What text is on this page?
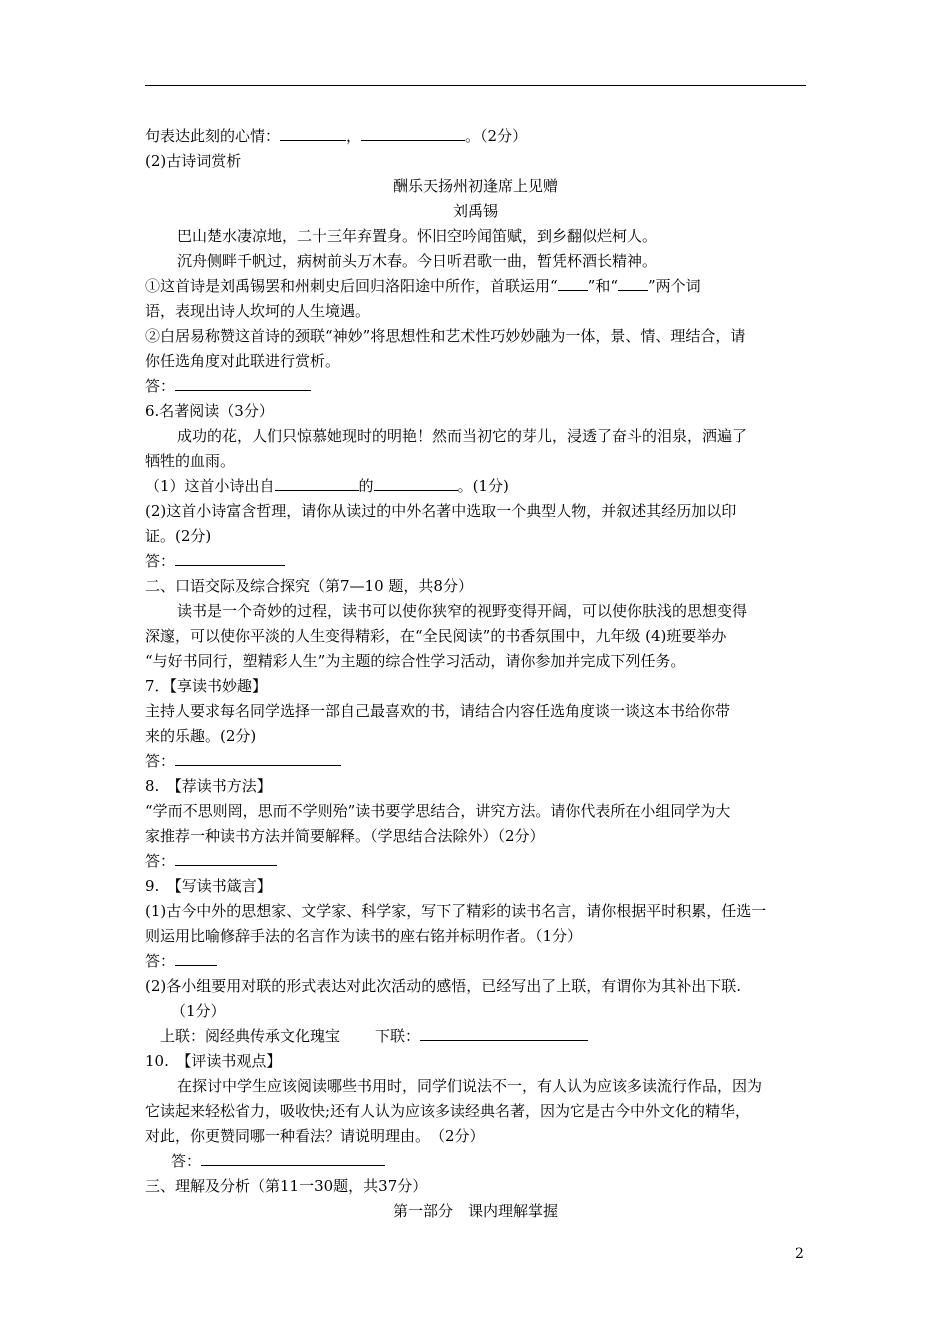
句表达此刻的心情：	，	。（2分）

(2)古诗词赏析

酬乐天扬州初逢席上见赠

刘禹锡

巴山楚水凄凉地，二十三年弃置身。怀旧空吟闻笛赋，到乡翻似烂柯人。

沉舟侧畔千帆过，病树前头万木春。今日听君歌一曲，暂凭杯酒长精神。

①这首诗是刘禹锡罢和州刺史后回归洛阳途中所作，首联运用“ ”和“ ”两个词

语，表现出诗人坎坷的人生境遇。

②白居易称赞这首诗的颈联“神妙”将思想性和艺术性巧妙妙融为一体，景、情、理结合，请

你任选角度对此联进行赏析。

答：

6.名著阅读（3分）

成功的花，人们只惊慕她现时的明艳！然而当初它的芽儿，浸透了奋斗的泪泉，洒遍了

牺牲的血雨。

（1）这首小诗出自	的	。(1分)

(2)这首小诗富含哲理，请你从读过的中外名著中选取一个典型人物，并叙述其经历加以印

证。(2分)

答：

二、口语交际及综合探究（第7—10 题，共8分）

读书是一个奇妙的过程，读书可以使你狭窄的视野变得开阔，可以使你肤浅的思想变得

深邃，可以使你平淡的人生变得精彩，在“全民阅读”的书香氛围中，九年级 (4)班要举办

“与好书同行，塑精彩人生”为主题的综合性学习活动，请你参加并完成下列任务。

7．【享读书妙趣】

主持人要求每名同学选择一部自己最喜欢的书，请结合内容任选角度谈一谈这本书给你带

来的乐趣。(2分)

答：

8.　【荐读书方法】

“学而不思则罔，思而不学则殆”读书要学思结合，讲究方法。请你代表所在小组同学为大

家推荐一种读书方法并简要解释。（学思结合法除外）（2分）

答：

9.　【写读书箴言】

(1)古今中外的思想家、文学家、科学家，写下了精彩的读书名言，请你根据平时积累，任选一

则运用比喻修辞手法的名言作为读书的座右铭并标明作者。（1分）

答：

(2)各小组要用对联的形式表达对此次活动的感悟，已经写出了上联，有谓你为其补出下联.

（1分）

上联：阅经典传承文化瑰宝 下联：

10.　【评读书观点】

在探讨中学生应该阅读哪些书用时，同学们说法不一，有人认为应该多读流行作品，因为

它读起来轻松省力，吸收快;还有人认为应该多读经典名著，因为它是古今中外文化的精华，

对此，你更赞同哪一种看法？请说明理由。　（2分）

答：

三、理解及分析（第11一30题，共37分）

第一部分　课内理解掌握

2
